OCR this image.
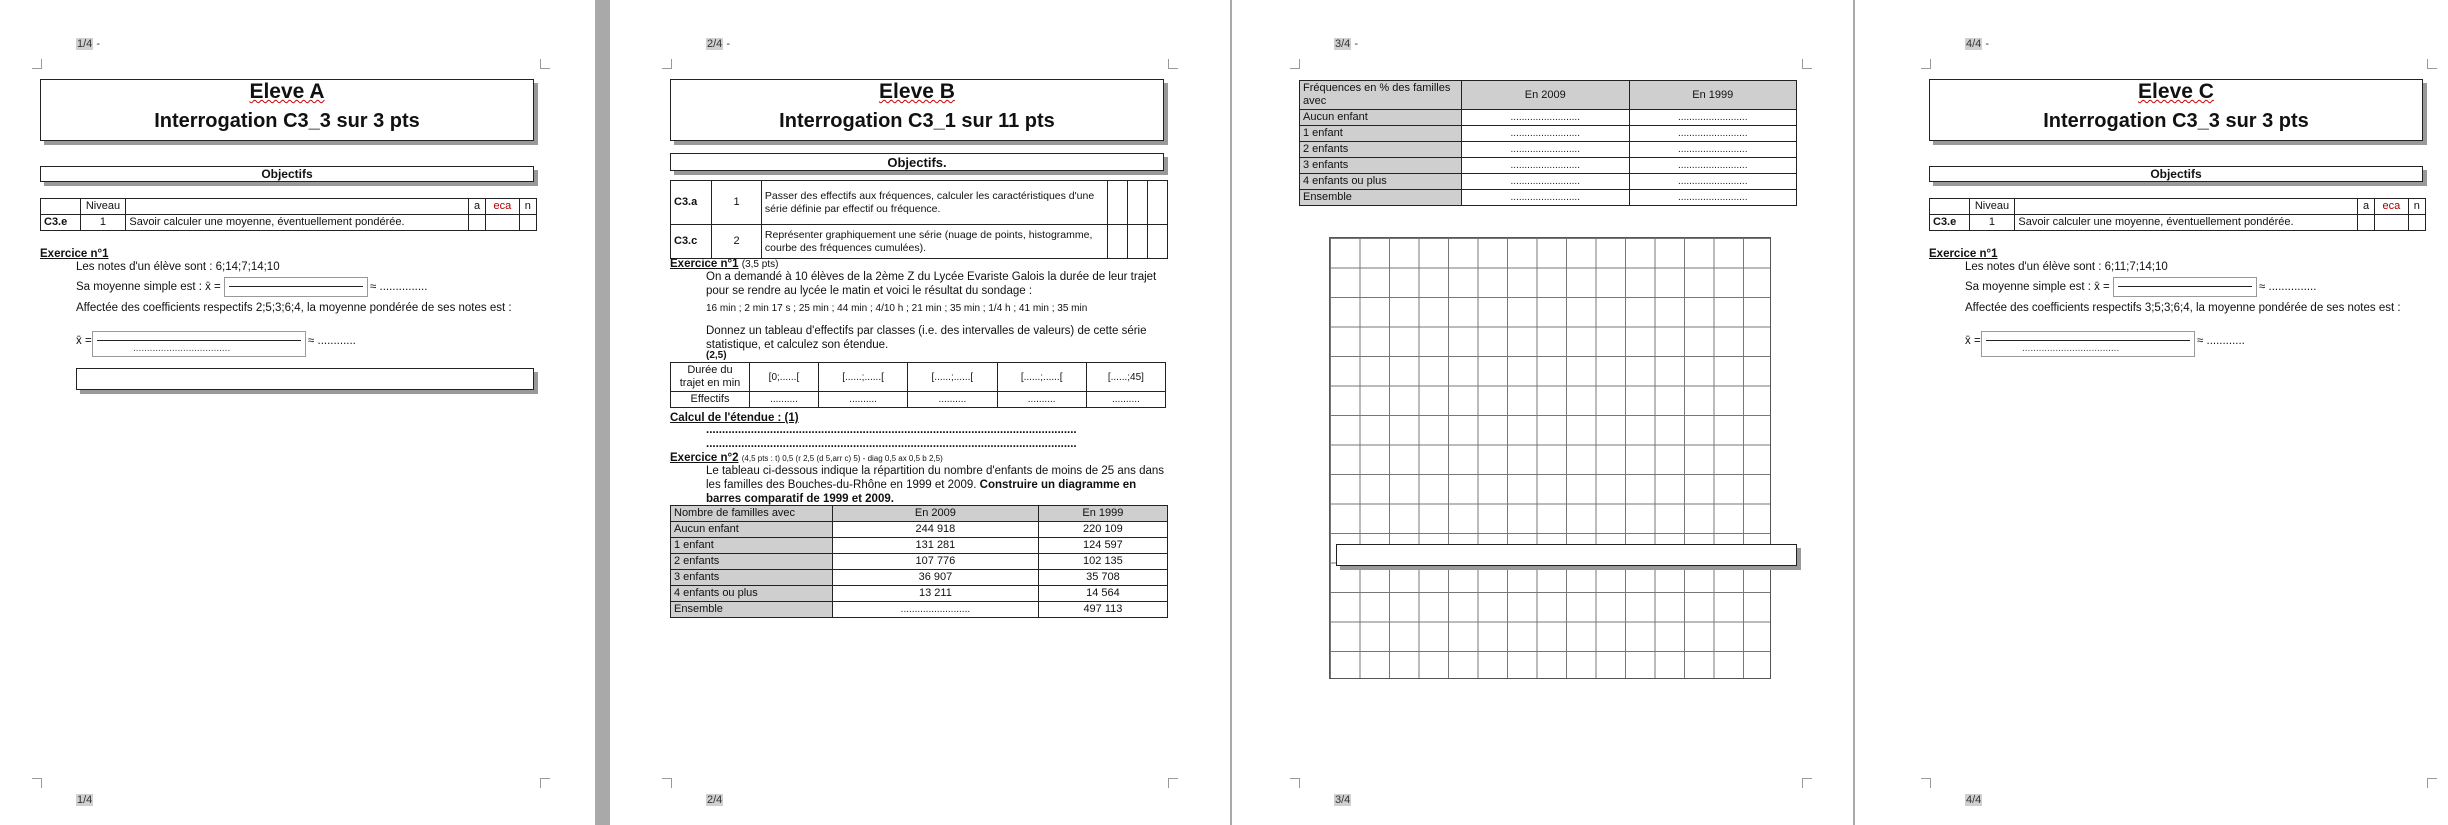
1/4 -
1/4
Eleve A
Interrogation C3_3 sur 3 pts
Objectifs
	Niveau		a	eca	n
C3.e	1	Savoir calculer une moyenne, éventuellement pondérée.			
Exercice n°1
Les notes d'un élève sont : 6;14;7;14;10
Sa moyenne simple est : x̄ =	≈ ...............
Affectée des coefficients respectifs 2;5;3;6;4, la moyenne pondérée de ses notes est :
x̄ =
...................................
≈ ............
2/4 -
2/4
Eleve B
Interrogation C3_1 sur 11 pts
Objectifs.
C3.a	1	Passer des effectifs aux fréquences, calculer les caractéristiques d'une série définie par effectif ou fréquence.			
C3.c	2	Représenter graphiquement une série (nuage de points, histogramme, courbe des fréquences cumulées).			
Exercice n°1 (3,5 pts)
On a demandé à 10 élèves de la 2ème Z du Lycée Evariste Galois la durée de leur trajet pour se rendre au lycée le matin et voici le résultat du sondage :
16 min ; 2 min 17 s ; 25 min ; 44 min ; 4/10 h ; 21 min ; 35 min ; 1/4 h ; 41 min ; 35 min
Donnez un tableau d'effectifs par classes (i.e. des intervalles de valeurs) de cette série statistique, et calculez son étendue.
(2,5)
Durée du trajet en min	[0;......[	[......;......[	[......;......[	[......;......[	[......;45]
Effectifs	..........	..........	..........	..........	..........
Calcul de l'étendue : (1)
....................................................................................................................
....................................................................................................................
Exercice n°2 (4,5 pts : t) 0,5 (r 2,5 (d 5,arr c) 5) - diag 0,5 ax 0,5 b 2,5)
Le tableau ci-dessous indique la répartition du nombre d'enfants de moins de 25 ans dans les familles des Bouches-du-Rhône en 1999 et 2009. Construire un diagramme en barres comparatif de 1999 et 2009.
Nombre de familles avec	En 2009	En 1999
Aucun enfant	244 918	220 109
1 enfant	131 281	124 597
2 enfants	107 776	102 135
3 enfants	36 907	35 708
4 enfants ou plus	13 211	14 564
Ensemble	.........................	497 113
3/4 -
3/4
Fréquences en % des familles avec	En 2009	En 1999
Aucun enfant	.........................	.........................
1 enfant	.........................	.........................
2 enfants	.........................	.........................
3 enfants	.........................	.........................
4 enfants ou plus	.........................	.........................
Ensemble	.........................	.........................
4/4 -
4/4
Eleve C
Interrogation C3_3 sur 3 pts
Objectifs
	Niveau		a	eca	n
C3.e	1	Savoir calculer une moyenne, éventuellement pondérée.			
Exercice n°1
Les notes d'un élève sont : 6;11;7;14;10
Sa moyenne simple est : x̄ =	≈ ...............
Affectée des coefficients respectifs 3;5;3;6;4, la moyenne pondérée de ses notes est :
x̄ =
...................................
≈ ............
